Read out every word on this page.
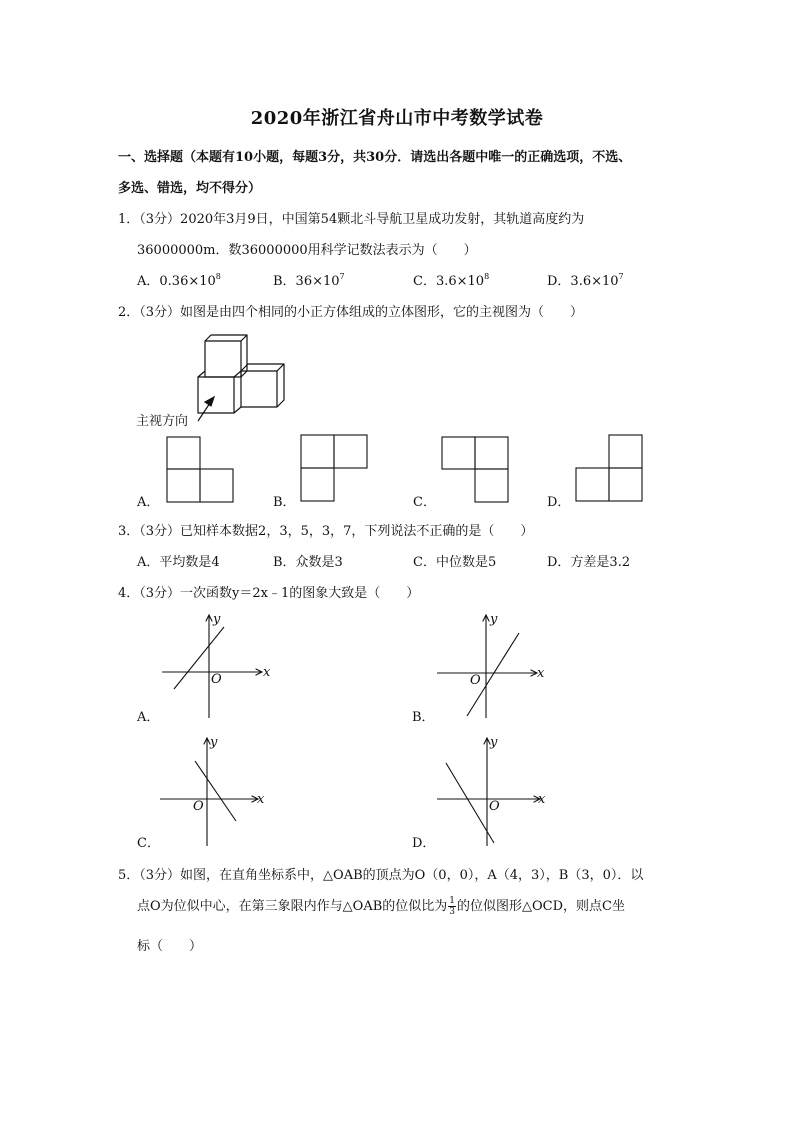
2020年浙江省舟山市中考数学试卷
一、选择题（本题有10小题，每题3分，共30分．请选出各题中唯一的正确选项，不选、
多选、错选，均不得分）
1．（3分）2020年3月9日，中国第54颗北斗导航卫星成功发射，其轨道高度约为
36000000m．数36000000用科学记数法表示为（　　）
A．$0.36\times 10^8$	B．$36\times 10^7$	C．$3.6\times 10^8$	D．$3.6\times 10^7$
2．（3分）如图是由四个相同的小正方体组成的立体图形，它的主视图为（　　）
主视方向
A．	B．	C．	D．
3．（3分）已知样本数据2，3，5，3，7，下列说法不正确的是（　　）
A．平均数是4	B．众数是3	C．中位数是5	D．方差是3.2
4．（3分）一次函数y＝2x﹣1的图象大致是（　　）
x
y
O	x
y
O
x
y
O	x
y
O
A．	B．
C．	D．
5．（3分）如图，在直角坐标系中，△OAB的顶点为O（0，0），A（4，3），B（3，0）．以
点O为位似中心，在第三象限内作与△OAB的位似比为 $\frac{1}{3}$ 的位似图形△OCD，则点C坐
标（　　）
